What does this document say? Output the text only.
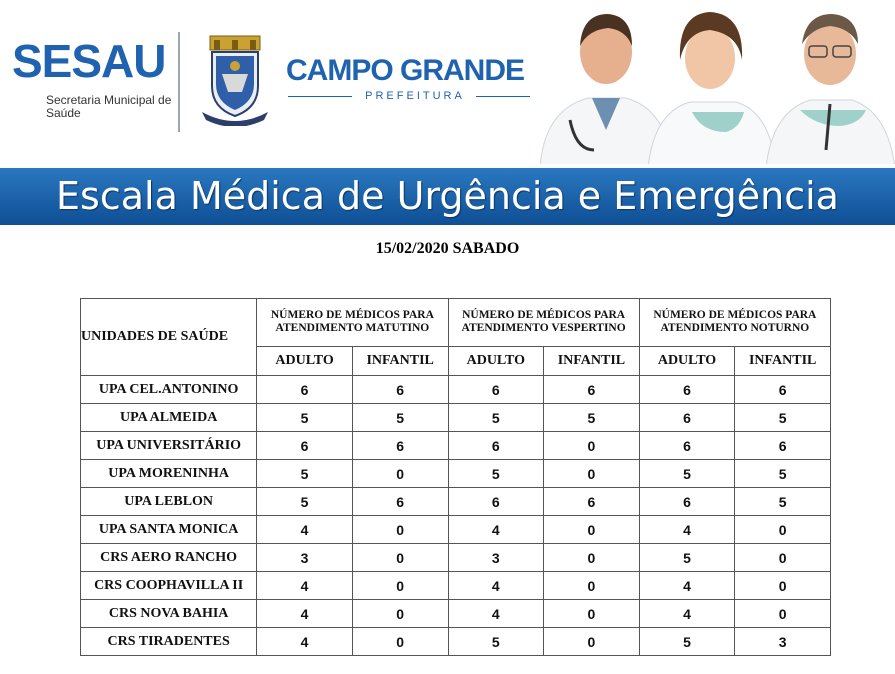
SESAU
Secretaria Municipal de Saúde
CAMPO GRANDE
PREFEITURA
Escala Médica de Urgência e Emergência
15/02/2020 SABADO
UNIDADES DE SAÚDE	NÚMERO DE MÉDICOS PARA ATENDIMENTO MATUTINO		NÚMERO DE MÉDICOS PARA ATENDIMENTO VESPERTINO		NÚMERO DE MÉDICOS PARA ATENDIMENTO NOTURNO	
	ADULTO	INFANTIL	ADULTO	INFANTIL	ADULTO	INFANTIL
UPA CEL.ANTONINO	6	6	6	6	6	6
UPA ALMEIDA	5	5	5	5	6	5
UPA UNIVERSITÁRIO	6	6	6	0	6	6
UPA MORENINHA	5	0	5	0	5	5
UPA LEBLON	5	6	6	6	6	5
UPA SANTA MONICA	4	0	4	0	4	0
CRS AERO RANCHO	3	0	3	0	5	0
CRS COOPHAVILLA II	4	0	4	0	4	0
CRS NOVA BAHIA	4	0	4	0	4	0
CRS TIRADENTES	4	0	5	0	5	3
